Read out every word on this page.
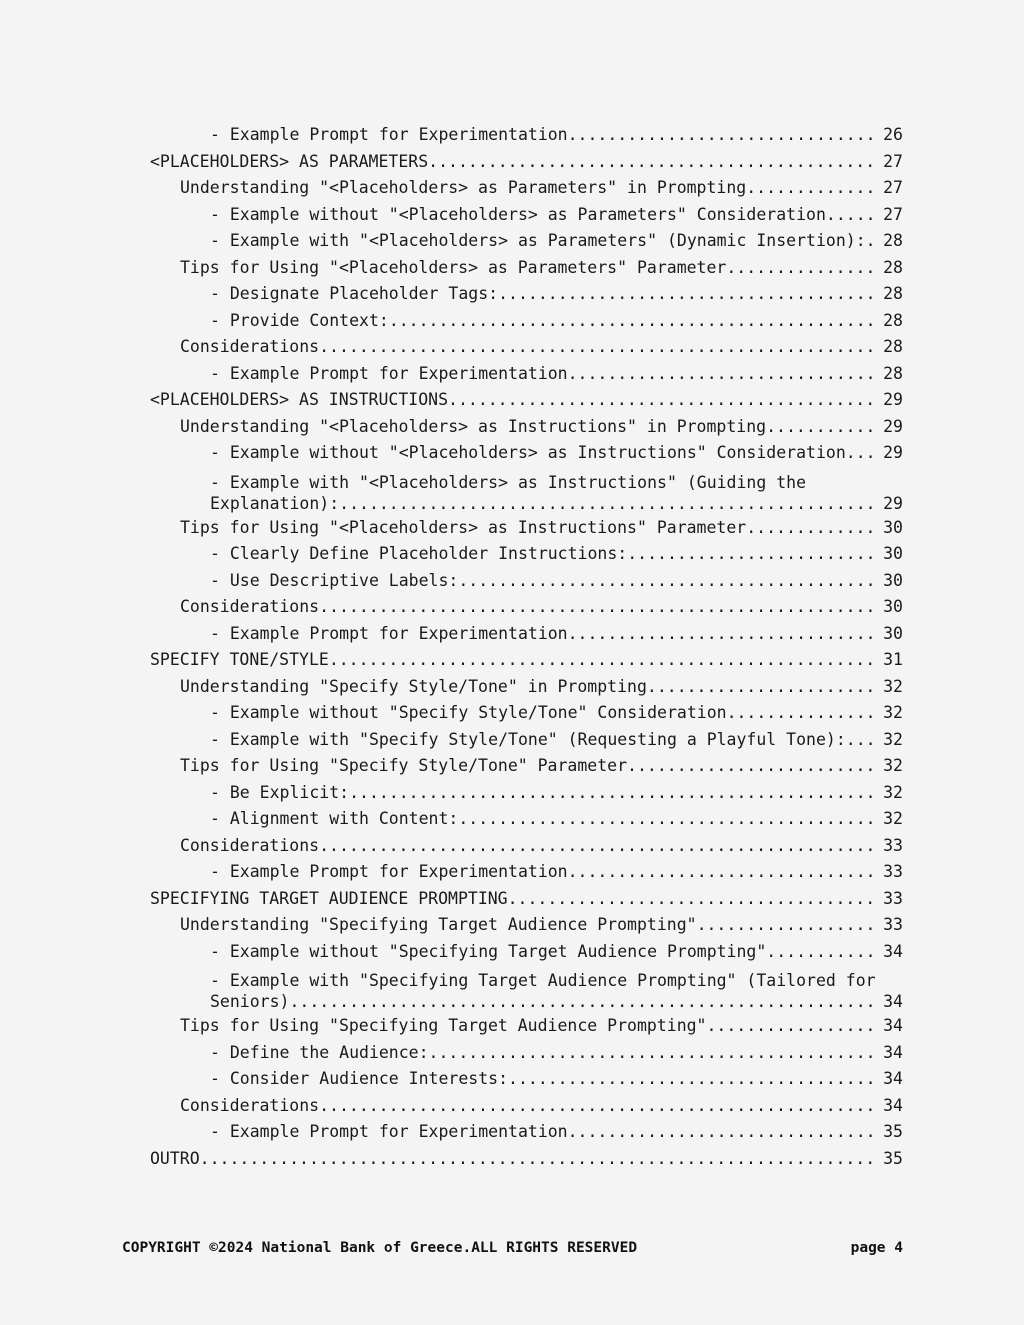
- Example Prompt for Experimentation .....	26
<PLACEHOLDERS> AS PARAMETERS .....	27
Understanding "<Placeholders> as Parameters" in Prompting .....	27
- Example without "<Placeholders> as Parameters" Consideration .....	27
- Example with "<Placeholders> as Parameters" (Dynamic Insertion): ..... 28
Tips for Using "<Placeholders> as Parameters" Parameter .....	28
- Designate Placeholder Tags: .....	28
- Provide Context: .....	28
Considerations .....	28
- Example Prompt for Experimentation .....	28
<PLACEHOLDERS> AS INSTRUCTIONS .....	29
Understanding "<Placeholders> as Instructions" in Prompting .....	29
- Example without "<Placeholders> as Instructions" Consideration ..... 29
- Example with "<Placeholders> as Instructions" (Guiding the
Explanation): .....	29
Tips for Using "<Placeholders> as Instructions" Parameter .....	30
- Clearly Define Placeholder Instructions: .....	30
- Use Descriptive Labels: .....	30
Considerations .....	30
- Example Prompt for Experimentation .....	30
SPECIFY TONE/STYLE .....	31
Understanding "Specify Style/Tone" in Prompting .....	32
- Example without "Specify Style/Tone" Consideration .....	32
- Example with "Specify Style/Tone" (Requesting a Playful Tone): ..... 32
Tips for Using "Specify Style/Tone" Parameter .....	32
- Be Explicit: .....	32
- Alignment with Content: .....	32
Considerations .....	33
- Example Prompt for Experimentation .....	33
SPECIFYING TARGET AUDIENCE PROMPTING .....	33
Understanding "Specifying Target Audience Prompting" .....	33
- Example without "Specifying Target Audience Prompting" .....	34
- Example with "Specifying Target Audience Prompting" (Tailored for
Seniors) .....	34
Tips for Using "Specifying Target Audience Prompting" .....	34
- Define the Audience: .....	34
- Consider Audience Interests: .....	34
Considerations .....	34
- Example Prompt for Experimentation .....	35
OUTRO .....	35
COPYRIGHT ©2024 National Bank of Greece.ALL RIGHTS RESERVED	page 4
